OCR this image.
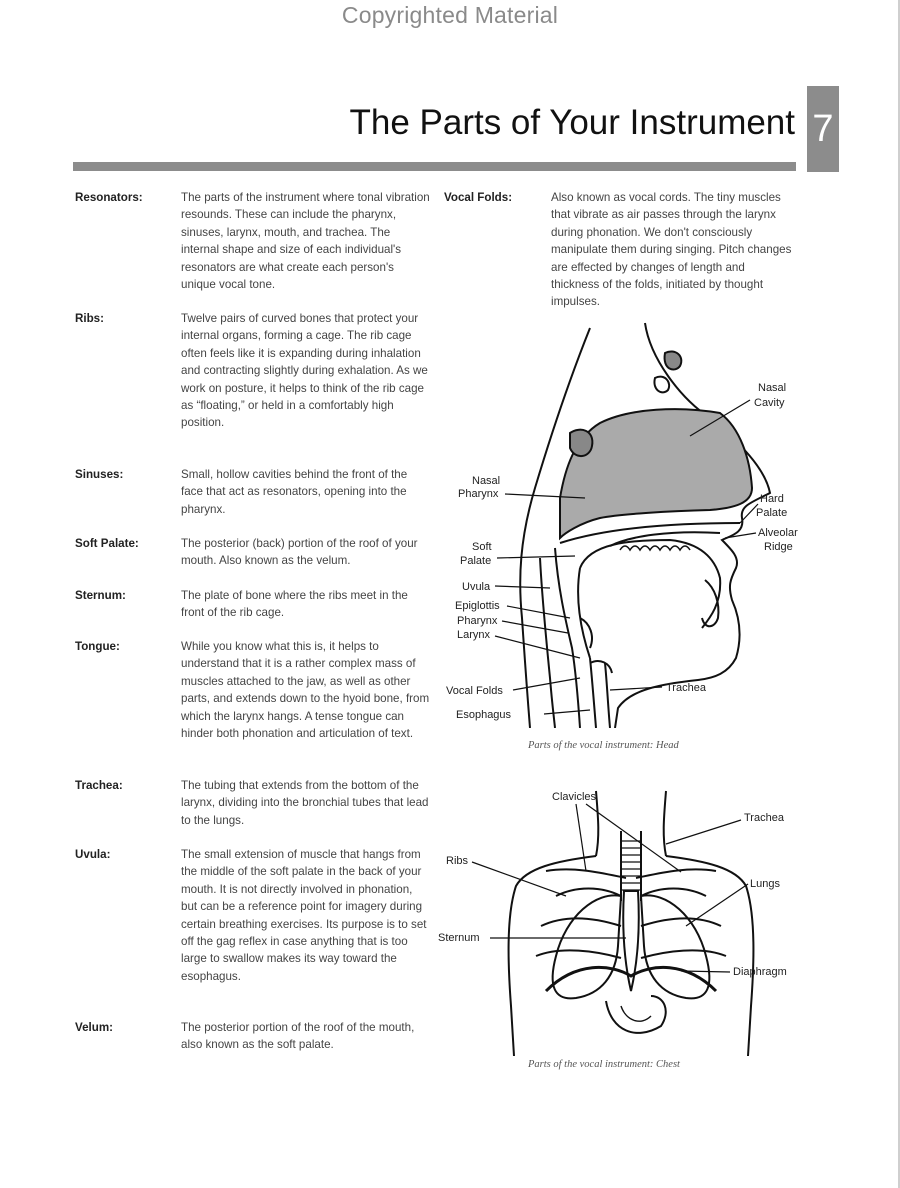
Copyrighted Material
The Parts of Your Instrument 7
Resonators:	The parts of the instrument where tonal vibration resounds. These can include the pharynx, sinuses, larynx, mouth, and trachea. The internal shape and size of each individual's resonators are what create each person's unique vocal tone.
Ribs:	Twelve pairs of curved bones that protect your internal organs, forming a cage. The rib cage often feels like it is expanding during inhalation and contracting slightly during exhalation. As we work on posture, it helps to think of the rib cage as “floating,” or held in a comfortably high position.
Sinuses:	Small, hollow cavities behind the front of the face that act as resonators, opening into the pharynx.
Soft Palate:	The posterior (back) portion of the roof of your mouth. Also known as the velum.
Sternum:	The plate of bone where the ribs meet in the front of the rib cage.
Tongue:	While you know what this is, it helps to understand that it is a rather complex mass of muscles attached to the jaw, as well as other parts, and extends down to the hyoid bone, from which the larynx hangs. A tense tongue can hinder both phonation and articulation of text.
Trachea:	The tubing that extends from the bottom of the larynx, dividing into the bronchial tubes that lead to the lungs.
Uvula:	The small extension of muscle that hangs from the middle of the soft palate in the back of your mouth. It is not directly involved in phonation, but can be a reference point for imagery during certain breathing exercises. Its purpose is to set off the gag reflex in case anything that is too large to swallow makes its way toward the esophagus.
Velum:	The posterior portion of the roof of the mouth, also known as the soft palate.
Vocal Folds:	Also known as vocal cords. The tiny muscles that vibrate as air passes through the larynx during phonation. We don't consciously manipulate them during singing. Pitch changes are effected by changes of length and thickness of the folds, initiated by thought impulses.
Nasal
Cavity
Nasal
Pharynx	Hard
Palate
Alveolar
Ridge
Soft
Palate
Uvula
Epiglottis
Pharynx
Larynx
Vocal Folds	Trachea
Esophagus
Parts of the vocal instrument: Head
Clavicles
Trachea
Ribs
Lungs
Sternum
Diaphragm
Parts of the vocal instrument: Chest
